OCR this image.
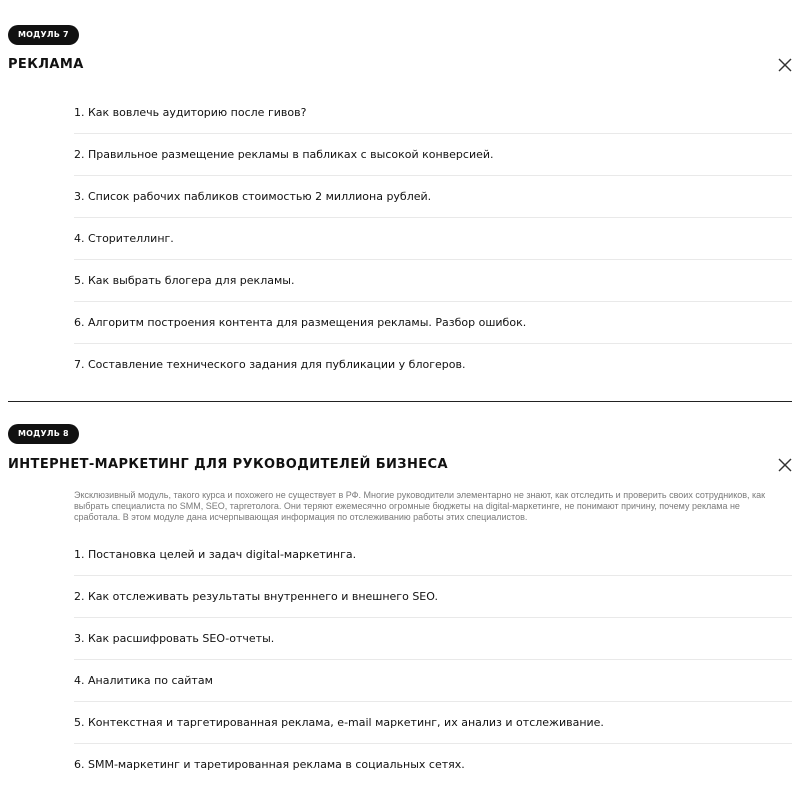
МОДУЛЬ 7
РЕКЛАМА
1. Как вовлечь аудиторию после гивов?
2. Правильное размещение рекламы в пабликах с высокой конверсией.
3. Список рабочих пабликов стоимостью 2 миллиона рублей.
4. Сторителлинг.
5. Как выбрать блогера для рекламы.
6. Алгоритм построения контента для размещения рекламы. Разбор ошибок.
7. Составление технического задания для публикации у блогеров.
МОДУЛЬ 8
ИНТЕРНЕТ-МАРКЕТИНГ ДЛЯ РУКОВОДИТЕЛЕЙ БИЗНЕСА

Эксклюзивный модуль, такого курса и похожего не существует в РФ. Многие руководители элементарно не знают, как отследить и проверить своих сотрудников, как выбрать специалиста по SMM, SEO, таргетолога. Они теряют ежемесячно огромные бюджеты на digital-маркетинге, не понимают причину, почему реклама не сработала. В этом модуле дана исчерпывающая информация по отслеживанию работы этих специалистов.

1. Постановка целей и задач digital-маркетинга.
2. Как отслеживать результаты внутреннего и внешнего SEO.
3. Как расшифровать SEO-отчеты.
4. Аналитика по сайтам
5. Контекстная и таргетированная реклама, e-mail маркетинг, их анализ и отслеживание.
6. SMM-маркетинг и таретированная реклама в социальных сетях.
